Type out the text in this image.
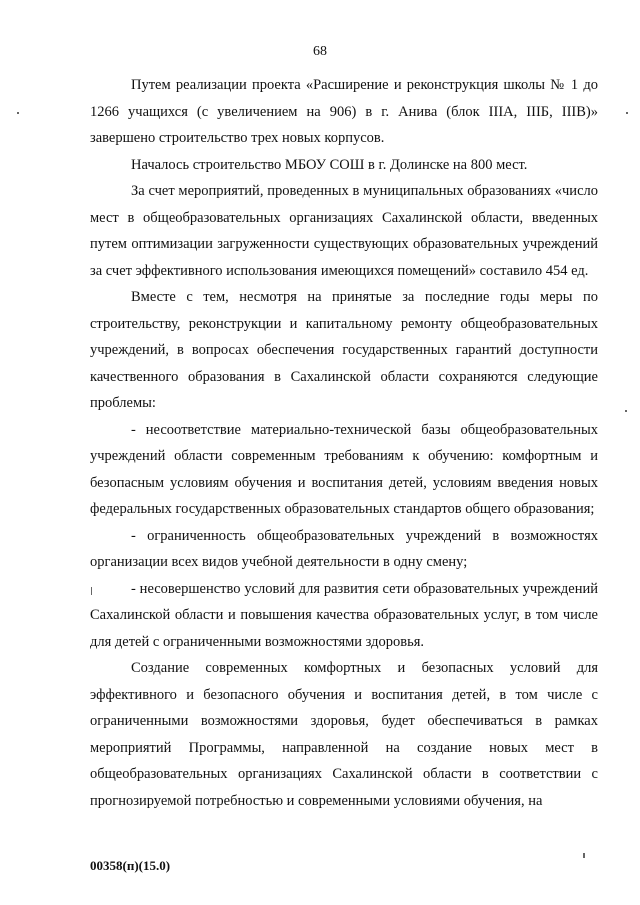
68

Путем реализации проекта «Расширение и реконструкция школы № 1 до 1266 учащихся (с увеличением на 906) в г. Анива (блок IIIА, IIIБ, IIIВ)» завершено строительство трех новых корпусов.

Началось строительство МБОУ СОШ в г. Долинске на 800 мест.

За счет мероприятий, проведенных в муниципальных образованиях «число мест в общеобразовательных организациях Сахалинской области, введенных путем оптимизации загруженности существующих образовательных учреждений за счет эффективного использования имеющихся помещений» составило 454 ед.

Вместе с тем, несмотря на принятые за последние годы меры по строительству, реконструкции и капитальному ремонту общеобразовательных учреждений, в вопросах обеспечения государственных гарантий доступности качественного образования в Сахалинской области сохраняются следующие проблемы:

- несоответствие материально-технической базы общеобразовательных учреждений области современным требованиям к обучению: комфортным и безопасным условиям обучения и воспитания детей, условиям введения новых федеральных государственных образовательных стандартов общего образования;

- ограниченность общеобразовательных учреждений в возможностях организации всех видов учебной деятельности в одну смену;

- несовершенство условий для развития сети образовательных учреждений Сахалинской области и повышения качества образовательных услуг, в том числе для детей с ограниченными возможностями здоровья.

Создание современных комфортных и безопасных условий для эффективного и безопасного обучения и воспитания детей, в том числе с ограниченными возможностями здоровья, будет обеспечиваться в рамках мероприятий Программы, направленной на создание новых мест в общеобразовательных организациях Сахалинской области в соответствии с прогнозируемой потребностью и современными условиями обучения, на

00358(п)(15.0)
